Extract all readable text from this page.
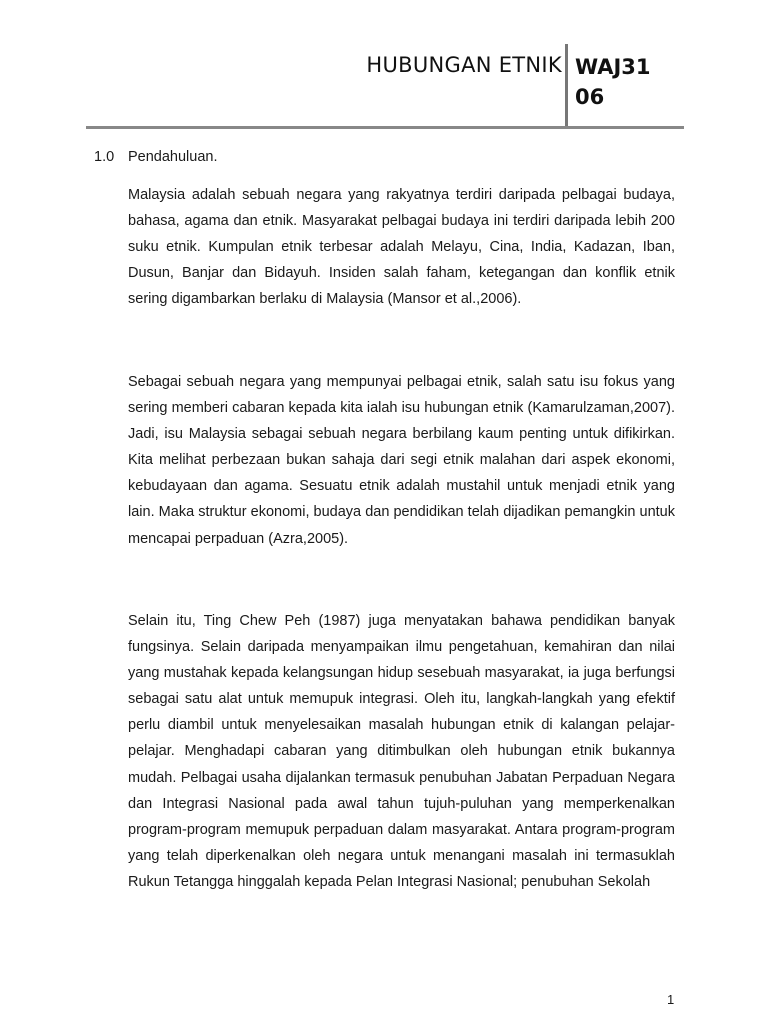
HUBUNGAN ETNIK WAJ31
06
1.0 Pendahuluan.

Malaysia adalah sebuah negara yang rakyatnya terdiri daripada pelbagai budaya, bahasa, agama dan etnik. Masyarakat pelbagai budaya ini terdiri daripada lebih 200 suku etnik. Kumpulan etnik terbesar adalah Melayu, Cina, India, Kadazan, Iban, Dusun, Banjar dan Bidayuh. Insiden salah faham, ketegangan dan konflik etnik sering digambarkan berlaku di Malaysia (Mansor et al.,2006).

Sebagai sebuah negara yang mempunyai pelbagai etnik, salah satu isu fokus yang sering memberi cabaran kepada kita ialah isu hubungan etnik (Kamarulzaman,2007). Jadi, isu Malaysia sebagai sebuah negara berbilang kaum penting untuk difikirkan. Kita melihat perbezaan bukan sahaja dari segi etnik malahan dari aspek ekonomi, kebudayaan dan agama. Sesuatu etnik adalah mustahil untuk menjadi etnik yang lain. Maka struktur ekonomi, budaya dan pendidikan telah dijadikan pemangkin untuk mencapai perpaduan (Azra,2005).

Selain itu, Ting Chew Peh (1987) juga menyatakan bahawa pendidikan banyak fungsinya. Selain daripada menyampaikan ilmu pengetahuan, kemahiran dan nilai yang mustahak kepada kelangsungan hidup sesebuah masyarakat, ia juga berfungsi sebagai satu alat untuk memupuk integrasi. Oleh itu, langkah-langkah yang efektif perlu diambil untuk menyelesaikan masalah hubungan etnik di kalangan pelajar-pelajar. Menghadapi cabaran yang ditimbulkan oleh hubungan etnik bukannya mudah. Pelbagai usaha dijalankan termasuk penubuhan Jabatan Perpaduan Negara dan Integrasi Nasional pada awal tahun tujuh-puluhan yang memperkenalkan program-program memupuk perpaduan dalam masyarakat. Antara program-program yang telah diperkenalkan oleh negara untuk menangani masalah ini termasuklah Rukun Tetangga hinggalah kepada Pelan Integrasi Nasional; penubuhan Sekolah

1
